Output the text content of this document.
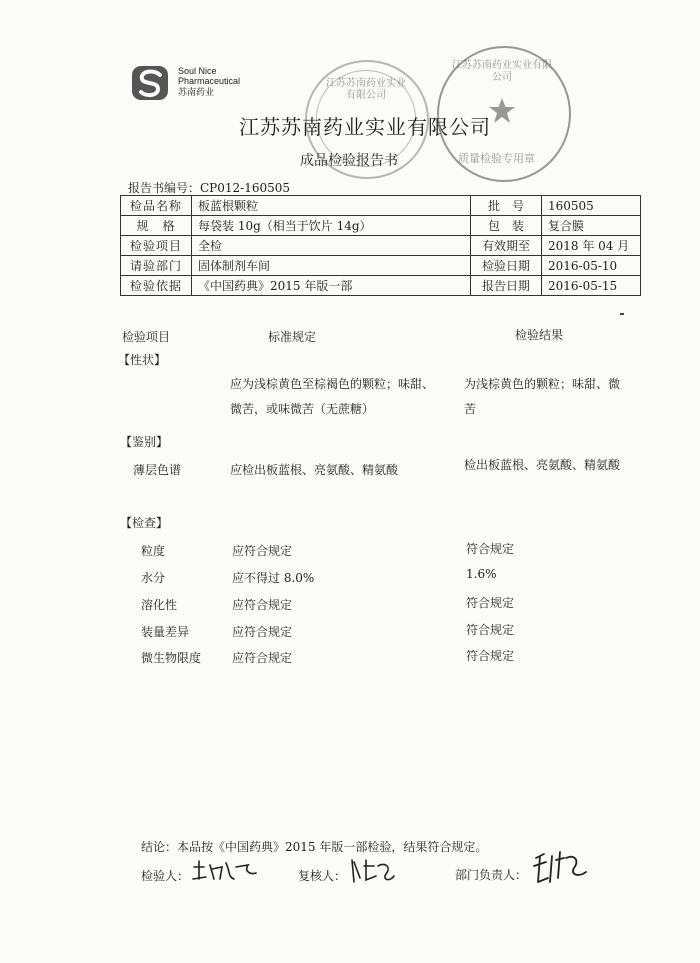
Soul Nice
Pharmaceutical
苏南药业
江苏苏南药业实业有限公司
江苏苏南药业实业有限公司
质量检验专用章
江苏苏南药业实业有限公司
成品检验报告书
报告书编号：CP012-160505
检品名称	板蓝根颗粒	批　号	160505
规　格	每袋装 10g（相当于饮片 14g）	包　装	复合膜
检验项目	全检	有效期至	2018 年 04 月
请验部门	固体制剂车间	检验日期	2016-05-10
检验依据	《中国药典》2015 年版一部	报告日期	2016-05-15
检验项目	标准规定	检验结果
【性状】
应为浅棕黄色至棕褐色的颗粒；味甜、微苦，或味微苦（无蔗糖）
为浅棕黄色的颗粒；味甜、微苦
【鉴别】
薄层色谱	应检出板蓝根、亮氨酸、精氨酸	检出板蓝根、亮氨酸、精氨酸
【检查】
粒度	应符合规定	符合规定
水分	应不得过 8.0%	1.6%
溶化性	应符合规定	符合规定
装量差异	应符合规定	符合规定
微生物限度	应符合规定	符合规定
结论：本品按《中国药典》2015 年版一部检验，结果符合规定。
检验人：	复核人：	部门负责人：
